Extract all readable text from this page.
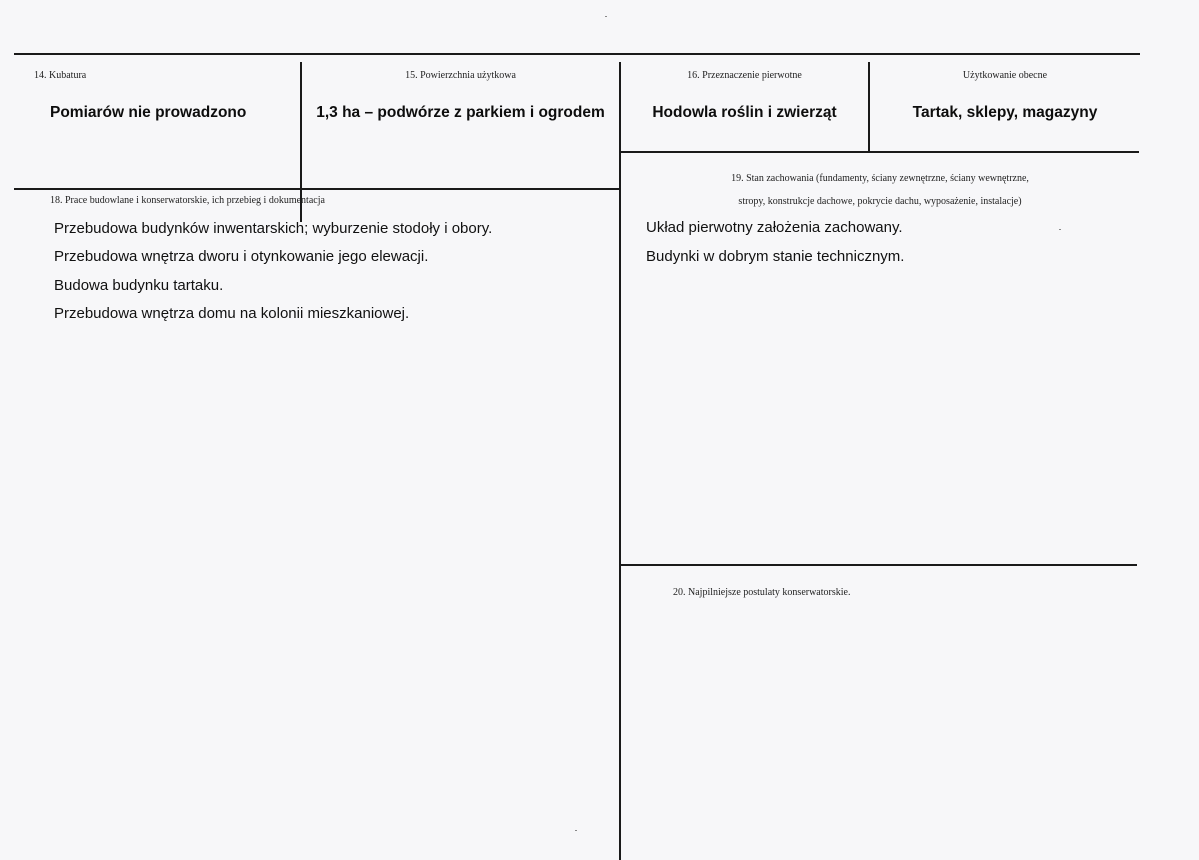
14. Kubatura
Pomiarów nie prowadzono
15. Powierzchnia użytkowa
1,3 ha – podwórze z parkiem i ogrodem
16. Przeznaczenie pierwotne
Hodowla roślin i zwierząt
Użytkowanie obecne
Tartak, sklepy, magazyny
18. Prace budowlane i konserwatorskie, ich przebieg i dokumentacja
Przebudowa budynków inwentarskich; wyburzenie stodoły i obory.
Przebudowa wnętrza dworu i otynkowanie jego elewacji.
Budowa budynku tartaku.
Przebudowa wnętrza domu na kolonii mieszkaniowej.
19. Stan zachowania (fundamenty, ściany zewnętrzne, ściany wewnętrzne,
stropy, konstrukcje dachowe, pokrycie dachu, wyposażenie, instalacje)
Układ pierwotny założenia zachowany.
Budynki w dobrym stanie technicznym.
20. Najpilniejsze postulaty konserwatorskie.
